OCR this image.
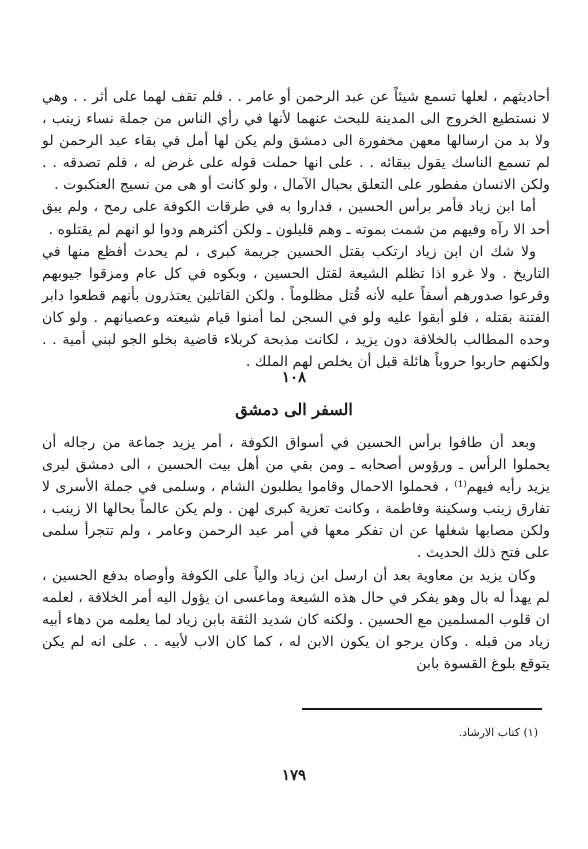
أحاديثهم ، لعلها تسمع شيئاً عن عبد الرحمن أو عامر . . فلم تقف لهما على أثر . . وهي لا نستطيع الخروج الى المدينة للبحث عنهما لأنها في رأي الناس من جملة نساء زينب ، ولا بد من ارسالها معهن مخفورة الى دمشق ولم يكن لها أمل في بقاء عبد الرحمن لو لم تسمع الناسك يقول ببقائه . . على انها حملت قوله على غرض له ، فلم تصدقه . . ولكن الانسان مفطور على التعلق بحبال الآمال ، ولو كانت أو هى من نسيج العنكبوت .

أما ابن زياد فأمر برأس الحسين ، فداروا به في طرقات الكوفة على رمح ، ولم يبق أحد الا رآه وفيهم من شمت بموته ـ وهم قليلون ـ ولكن أكثرهم ودوا لو انهم لم يقتلوه .

ولا شك ان ابن زياد ارتكب بقتل الحسين جريمة كبرى ، لم يحدث أفظع منها في التاريخ . ولا غرو اذا تظلم الشيعة لقتل الحسين ، وبكوه في كل عام ومزقوا جيوبهم وقرعوا صدورهم أسفاً عليه لأنه قُتل مظلوماً . ولكن القاتلين يعتذرون بأنهم قطعوا دابر الفتنة بقتله ، فلو أبقوا عليه ولو في السجن لما أمنوا قيام شيعته وعصيانهم . ولو كان وحده المطالب بالخلافة دون يزيد ، لكانت مذبحة كربلاء قاضية بخلو الجو لبني أمية . . ولكنهم حاربوا حروباً هائلة قبل أن يخلص لهم الملك .

١٠٨
السفر الى دمشق

وبعد أن طافوا برأس الحسين في أسواق الكوفة ، أمر يزيد جماعة من رجاله أن يحملوا الرأس ـ ورؤوس أصحابه ـ ومن بقي من أهل بيت الحسين ، الى دمشق ليرى يزيد رأيه فيهم⁽¹⁾ ، فحملوا الاحمال وقاموا يطلبون الشام ، وسلمى في جملة الأسرى لا تفارق زينب وسكينة وفاطمة ، وكانت تعزية كبرى لهن . ولم يكن عالماً بحالها الا زينب ، ولكن مصابها شغلها عن ان تفكر معها في أمر عبد الرحمن وعامر ، ولم تتجرأ سلمى على فتح ذلك الحديث .

وكان يزيد بن معاوية بعد أن ارسل ابن زياد والياً على الكوفة وأوصاه بدفع الحسين ، لم يهدأ له بال وهو يفكر في حال هذه الشيعة وماعسى ان يؤول اليه أمر الخلافة ، لعلمه ان قلوب المسلمين مع الحسين . ولكنه كان شديد الثقة بابن زياد لما يعلمه من دهاء أبيه زياد من قبله . وكان يرجو ان يكون الابن له ، كما كان الاب لأبيه . . على انه لم يكن يتوقع بلوغ القسوة بابن

(١) كتاب الارشاد.
١٧٩
